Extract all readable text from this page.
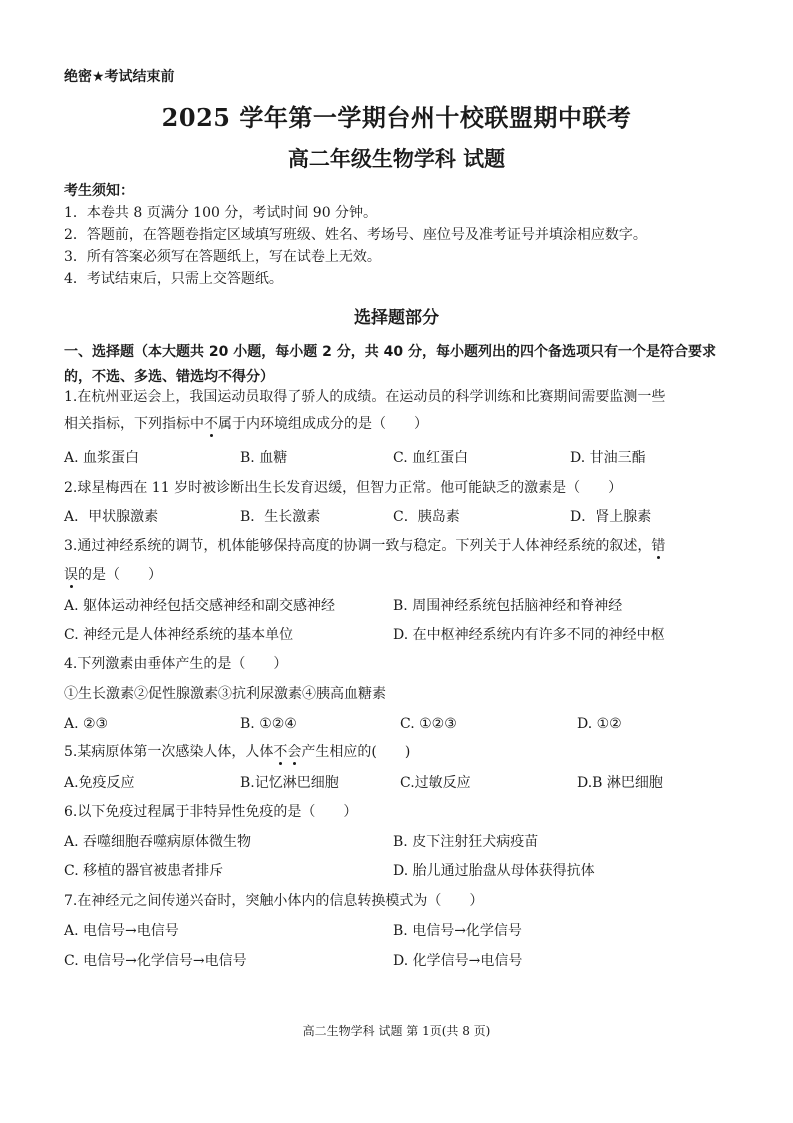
绝密★考试结束前
2025 学年第一学期台州十校联盟期中联考
高二年级生物学科 试题
考生须知：
1．本卷共 8 页满分 100 分，考试时间 90 分钟。
2．答题前，在答题卷指定区域填写班级、姓名、考场号、座位号及准考证号并填涂相应数字。
3．所有答案必须写在答题纸上，写在试卷上无效。
4．考试结束后，只需上交答题纸。
选择题部分
一、选择题（本大题共 20 小题，每小题 2 分，共 40 分，每小题列出的四个备选项只有一个是符合要求的，不选、多选、错选均不得分）
1.在杭州亚运会上，我国运动员取得了骄人的成绩。在运动员的科学训练和比赛期间需要监测一些
相关指标，下列指标中不属于内环境组成成分的是（　　）
A. 血浆蛋白	B. 血糖	C. 血红蛋白	D. 甘油三酯
2.球星梅西在 11 岁时被诊断出生长发育迟缓，但智力正常。他可能缺乏的激素是（　　）
A．甲状腺激素	B．生长激素	C．胰岛素	D．肾上腺素
3.通过神经系统的调节，机体能够保持高度的协调一致与稳定。下列关于人体神经系统的叙述，错
误的是（　　）
A. 躯体运动神经包括交感神经和副交感神经	B. 周围神经系统包括脑神经和脊神经
C. 神经元是人体神经系统的基本单位	D. 在中枢神经系统内有许多不同的神经中枢
4.下列激素由垂体产生的是（　　）
①生长激素②促性腺激素③抗利尿激素④胰高血糖素
A. ②③	B. ①②④	C. ①②③	D. ①②
5.某病原体第一次感染人体，人体不会产生相应的(　　)
A.免疫反应	B.记忆淋巴细胞	C.过敏反应	D.B 淋巴细胞
6.以下免疫过程属于非特异性免疫的是（　　）
A. 吞噬细胞吞噬病原体微生物	B. 皮下注射狂犬病疫苗
C. 移植的器官被患者排斥	D. 胎儿通过胎盘从母体获得抗体
7.在神经元之间传递兴奋时，突触小体内的信息转换模式为（　　）
A. 电信号→电信号	B. 电信号→化学信号
C. 电信号→化学信号→电信号	D. 化学信号→电信号
高二生物学科 试题 第 1页(共 8 页)
